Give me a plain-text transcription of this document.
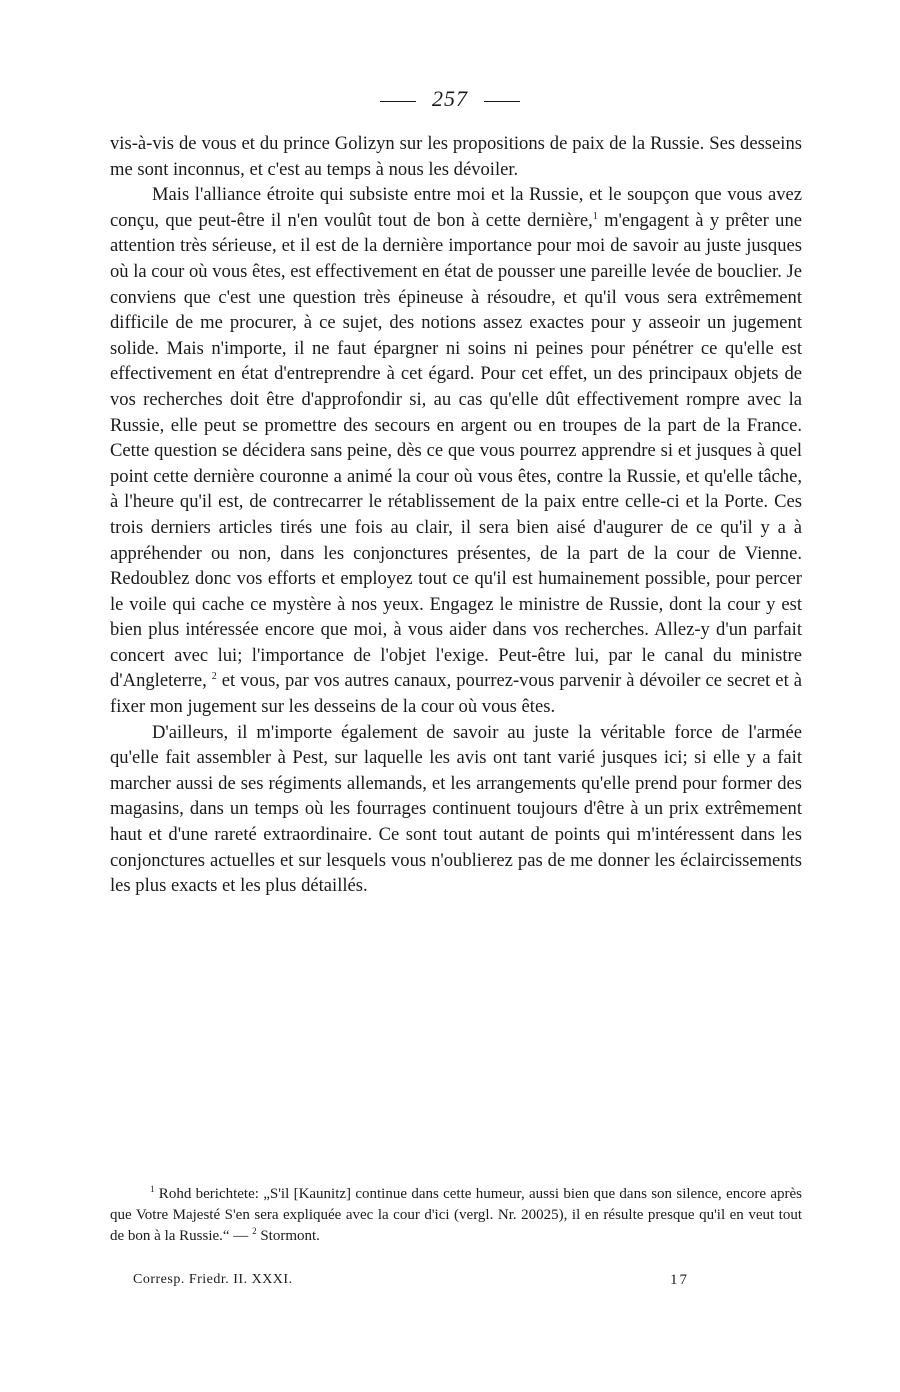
257

vis-à-vis de vous et du prince Golizyn sur les propositions de paix de la Russie. Ses desseins me sont inconnus, et c'est au temps à nous les dévoiler.

Mais l'alliance étroite qui subsiste entre moi et la Russie, et le soupçon que vous avez conçu, que peut-être il n'en voulût tout de bon à cette dernière,$^1$ m'engagent à y prêter une attention très sérieuse, et il est de la dernière importance pour moi de savoir au juste jusques où la cour où vous êtes, est effectivement en état de pousser une pareille levée de bouclier. Je conviens que c'est une question très épineuse à résoudre, et qu'il vous sera extrêmement difficile de me procurer, à ce sujet, des notions assez exactes pour y asseoir un jugement solide. Mais n'importe, il ne faut épargner ni soins ni peines pour pénétrer ce qu'elle est effectivement en état d'entreprendre à cet égard. Pour cet effet, un des principaux objets de vos recherches doit être d'approfondir si, au cas qu'elle dût effectivement rompre avec la Russie, elle peut se promettre des secours en argent ou en troupes de la part de la France. Cette question se décidera sans peine, dès ce que vous pourrez apprendre si et jusques à quel point cette dernière couronne a animé la cour où vous êtes, contre la Russie, et qu'elle tâche, à l'heure qu'il est, de contrecarrer le rétablissement de la paix entre celle-ci et la Porte. Ces trois derniers articles tirés une fois au clair, il sera bien aisé d'augurer de ce qu'il y a à appréhender ou non, dans les conjonctures présentes, de la part de la cour de Vienne. Redoublez donc vos efforts et employez tout ce qu'il est humainement possible, pour percer le voile qui cache ce mystère à nos yeux. Engagez le ministre de Russie, dont la cour y est bien plus intéressée encore que moi, à vous aider dans vos recherches. Allez-y d'un parfait concert avec lui; l'importance de l'objet l'exige. Peut-être lui, par le canal du ministre d'Angleterre, $^2$ et vous, par vos autres canaux, pourrez-vous parvenir à dévoiler ce secret et à fixer mon jugement sur les desseins de la cour où vous êtes.

D'ailleurs, il m'importe également de savoir au juste la véritable force de l'armée qu'elle fait assembler à Pest, sur laquelle les avis ont tant varié jusques ici; si elle y a fait marcher aussi de ses régiments allemands, et les arrangements qu'elle prend pour former des magasins, dans un temps où les fourrages continuent toujours d'être à un prix extrêmement haut et d'une rareté extraordinaire. Ce sont tout autant de points qui m'intéressent dans les conjonctures actuelles et sur lesquels vous n'oublierez pas de me donner les éclaircissements les plus exacts et les plus détaillés.

$^1$ Rohd berichtete: „S'il [Kaunitz] continue dans cette humeur, aussi bien que dans son silence, encore après que Votre Majesté S'en sera expliquée avec la cour d'ici (vergl. Nr. 20025), il en résulte presque qu'il en veut tout de bon à la Russie.“ — $^2$ Stormont.
Corresp. Friedr. II. XXXI.	17
